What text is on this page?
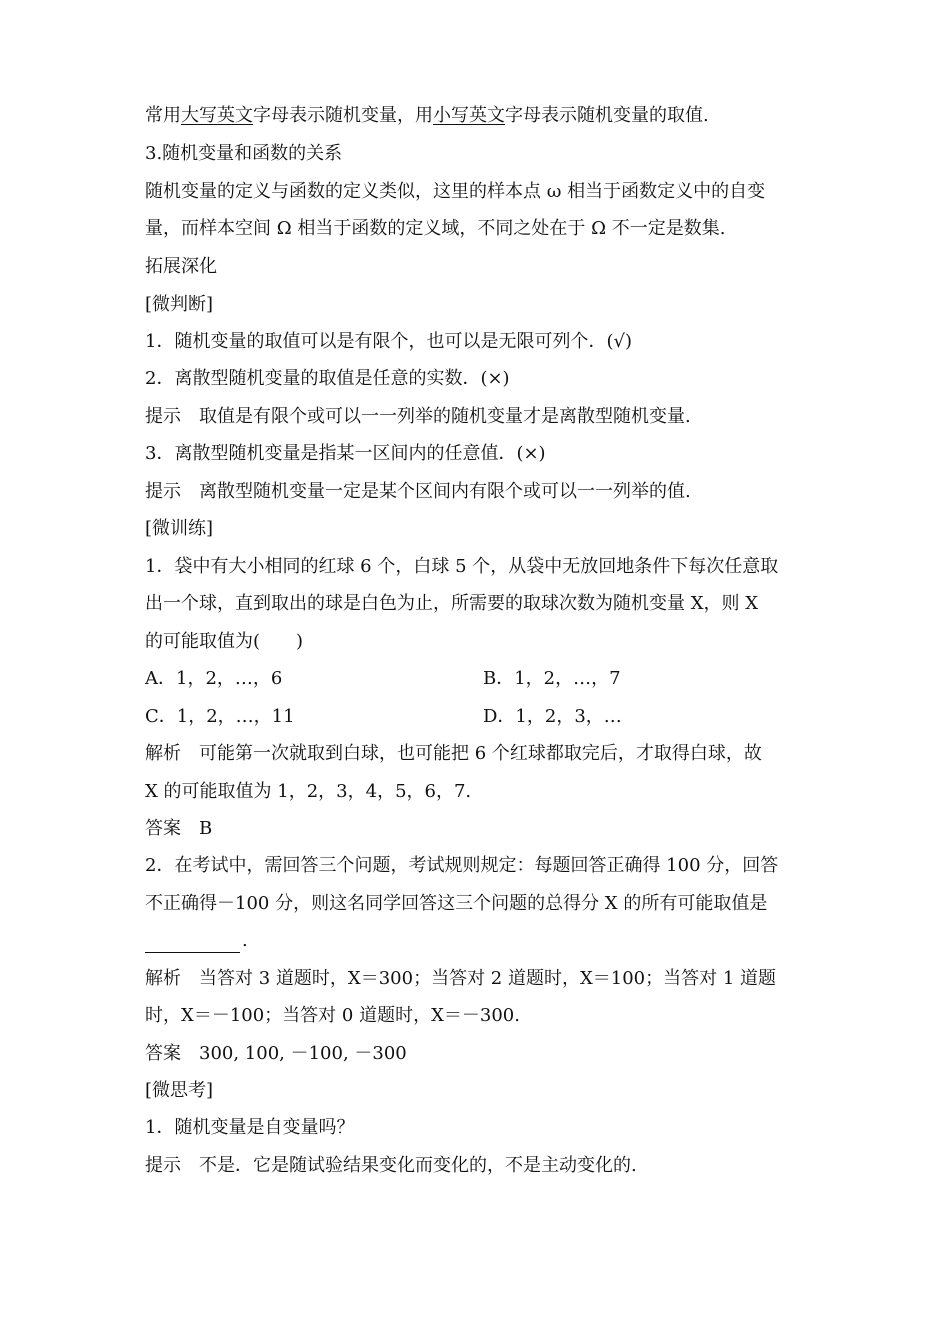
常用大写英文字母表示随机变量，用小写英文字母表示随机变量的取值.
3.随机变量和函数的关系
随机变量的定义与函数的定义类似，这里的样本点 ω 相当于函数定义中的自变
量，而样本空间 Ω 相当于函数的定义域，不同之处在于 Ω 不一定是数集.
拓展深化
[微判断]
1．随机变量的取值可以是有限个，也可以是无限可列个．(√)
2．离散型随机变量的取值是任意的实数．(×)
提示　取值是有限个或可以一一列举的随机变量才是离散型随机变量.
3．离散型随机变量是指某一区间内的任意值．(×)
提示　离散型随机变量一定是某个区间内有限个或可以一一列举的值.
[微训练]
1．袋中有大小相同的红球 6 个，白球 5 个，从袋中无放回地条件下每次任意取
出一个球，直到取出的球是白色为止，所需要的取球次数为随机变量 X，则 X
的可能取值为(　　)
A．1，2，…，6	B．1，2，…，7
C．1，2，…，11	D．1，2，3，…
解析　可能第一次就取到白球，也可能把 6 个红球都取完后，才取得白球，故
X 的可能取值为 1，2，3，4，5，6，7.
答案　B
2．在考试中，需回答三个问题，考试规则规定：每题回答正确得 100 分，回答
不正确得－100 分，则这名同学回答这三个问题的总得分 X 的所有可能取值是
.
解析　当答对 3 道题时，X＝300；当答对 2 道题时，X＝100；当答对 1 道题
时，X＝－100；当答对 0 道题时，X＝－300.
答案　300, 100, －100, －300
[微思考]
1．随机变量是自变量吗？
提示　不是．它是随试验结果变化而变化的，不是主动变化的.
